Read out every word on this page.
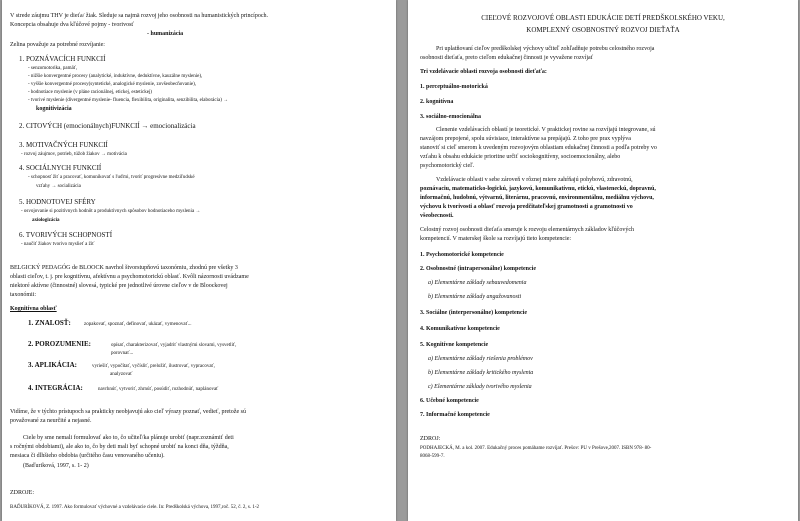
V strede záujmu THV je dieťa/ žiak. Sleduje sa najmä rozvoj jeho osobnosti na humanistických princípoch.
Koncepcia obsahuje dva kľúčové pojmy - tvorivosť
- humanizácia
Zelina považuje za potrebné rozvíjanie:
1. POZNÁVACÍCH FUNKCIÍ
- senzomotorika, pamäť,
- nižšie konvergentné procesy (analytické, induktívne, deduktívne, kauzálne myslenie),
- vyššie konvergentné procesy(syntetické, analogické myslenie, zovšeobecňovanie),
- hodnotiace myslenie (v pláne racionálnej, etickej, estetickej)
- tvorivé myslenie (divergentné myslenie- fluencia, flexibilita, originalita, senzibilita, elaborácia) →
kognitivizácia
2. CITOVÝCH (emocionálnych)FUNKCIÍ → emocionalizácia
3. MOTIVAČNÝCH FUNKCIÍ
- rozvoj záujmov, potrieb, túžob žiakov → motivácia
4. SOCIÁLNYCH FUNKCIÍ
- schopnosť žiť a pracovať, komunikovať s ľuďmi, tvoriť progresívne medziľudské
vzťahy → socializácia
5. HODNOTOVEJ SFÉRY
- osvojovanie si pozitívnych hodnôt a produktívnych spôsobov hodnotiaceho myslenia →
axiologizácia
6. TVORIVÝCH SCHOPNOSTÍ
- naučiť žiakov tvorivo myslieť a žiť
BELGICKÝ PEDAGÓG de BLOOCK navrhol štvorstupňovú taxonómiu, zhodnú pre všetky 3
oblasti cieľov, t. j. pre kognitívnu, afektívnu a psychomotorickú oblasť. Kvôli názornosti uvádzame
niektoré aktívne (činnostné) slovesá, typické pre jednotlivé úrovne cieľov v de Bloockovej
taxonómii:
Kognitívna oblasť
1. ZNALOSŤ:	zopakovať, spoznať, definovať, ukázať, vymenovať...
2. POROZUMENIE:	opísať, charakterizovať, vyjadriť vlastnými slovami, vysvetliť,
porovnať...
3. APLIKÁCIA:	vyriešiť, vypočítať, vyčísliť, preložiť, ilustrovať, vypracovať,
analyzovať
4. INTEGRÁCIA:	navrhnúť, vytvoriť, zhrnúť, posúdiť, rozhodnúť, naplánovať
Vidíme, že v týchto prístupoch sa prakticky neobjavujú ako cieľ výrazy poznať, vedieť, pretože sú
považované za neurčité a nejasné.
Ciele by sme nemali formulovať ako to, čo učiteľ/ka plánuje urobiť (napr.zoznámiť deti
s ročnými obdobiami), ale ako to, čo by deti mali byť schopné urobiť na konci dňa, týždňa,
mesiaca či dlhšieho obdobia (určitého času venovaného učeniu).
(Baďuriková, 1997, s. 1- 2)
ZDROJE:
BAĎURÍKOVÁ, Z. 1997. Ako formulovať výchovné a vzdelávacie ciele. In: Predškolská výchova, 1997,roč. 52, č. 2, s. 1-2
CIEĽOVÉ ROZVOJOVÉ OBLASTI EDUKÁCIE DETÍ PREDŠKOLSKÉHO VEKU,
KOMPLEXNÝ OSOBNOSTNÝ ROZVOJ DIEŤAŤA
Pri uplatňovaní cieľov predškolskej výchovy učiteľ zohľadňuje potrebu celostného rozvoja
osobnosti dieťaťa, preto cieľom edukačnej činnosti je vyvažene rozvíjať
Tri vzdelávacie oblasti rozvoja osobnosti dieťaťa:
1. perceptuálno-motorická
2. kognitívna
3. sociálno-emocionálna
Clenenie vzdelávacích oblastí je teoretické. V praktickej rovine sa rozvíjajú integrovane, sú
navzájom prepojené, spolu súvisiace, interaktívne sa prepájajú. Z toho pre prax vyplýva
stanoviť si cieľ smerom k uvedeným rozvojovým oblastiam edukačnej činnosti a podľa potreby vo
vzťahu k obsahu edukácie prioritne určiť sociokognitívny, socioemocionálny, alebo
psychomotorický cieľ.
Vzdelávacie oblasti v sebe zároveň v rôznej miere zahŕňajú pohybovú, zdravotnú,
poznávaciu, matematicko-logickú, jazykovú, komunikatívnu, etickú, vlasteneckú, dopravnú,
informačnú, hudobnú, výtvarnú, literárnu, pracovnú, environmentálnu, mediálnu výchovu,
výchovu k tvorivosti a oblasť rozvoja predčitateľskej gramotnosti a gramotnosti vo
všeobecnosti.
Celostný rozvoj osobnosti dieťaťa smeruje k rozvoju elementárnych základov kľúčových
kompetencií. V materskej škole sa rozvíjajú tieto kompetencie:
1. Psychomotorické kompetencie
2. Osobnostné (intrapersonálne) kompetencie
a) Elementárne základy sebauvedomenia
b) Elementárne základy angažovanosti
3. Sociálne (interpersonálne) kompetencie
4. Komunikatívne kompetencie
5. Kognitívne kompetencie
a) Elementárne základy riešenia problémov
b) Elementárne základy kritického myslenia
c) Elementárne základy tvorivého myslenia
6. Učebné kompetencie
7. Informačné kompetencie
ZDROJ:
PODHAJECKÁ, M. a kol. 2007. Edukačný proces pomáhame rozvíjať. Prešov: PU v Prešove,2007. ISBN 978- 80-
8068-599-7.
